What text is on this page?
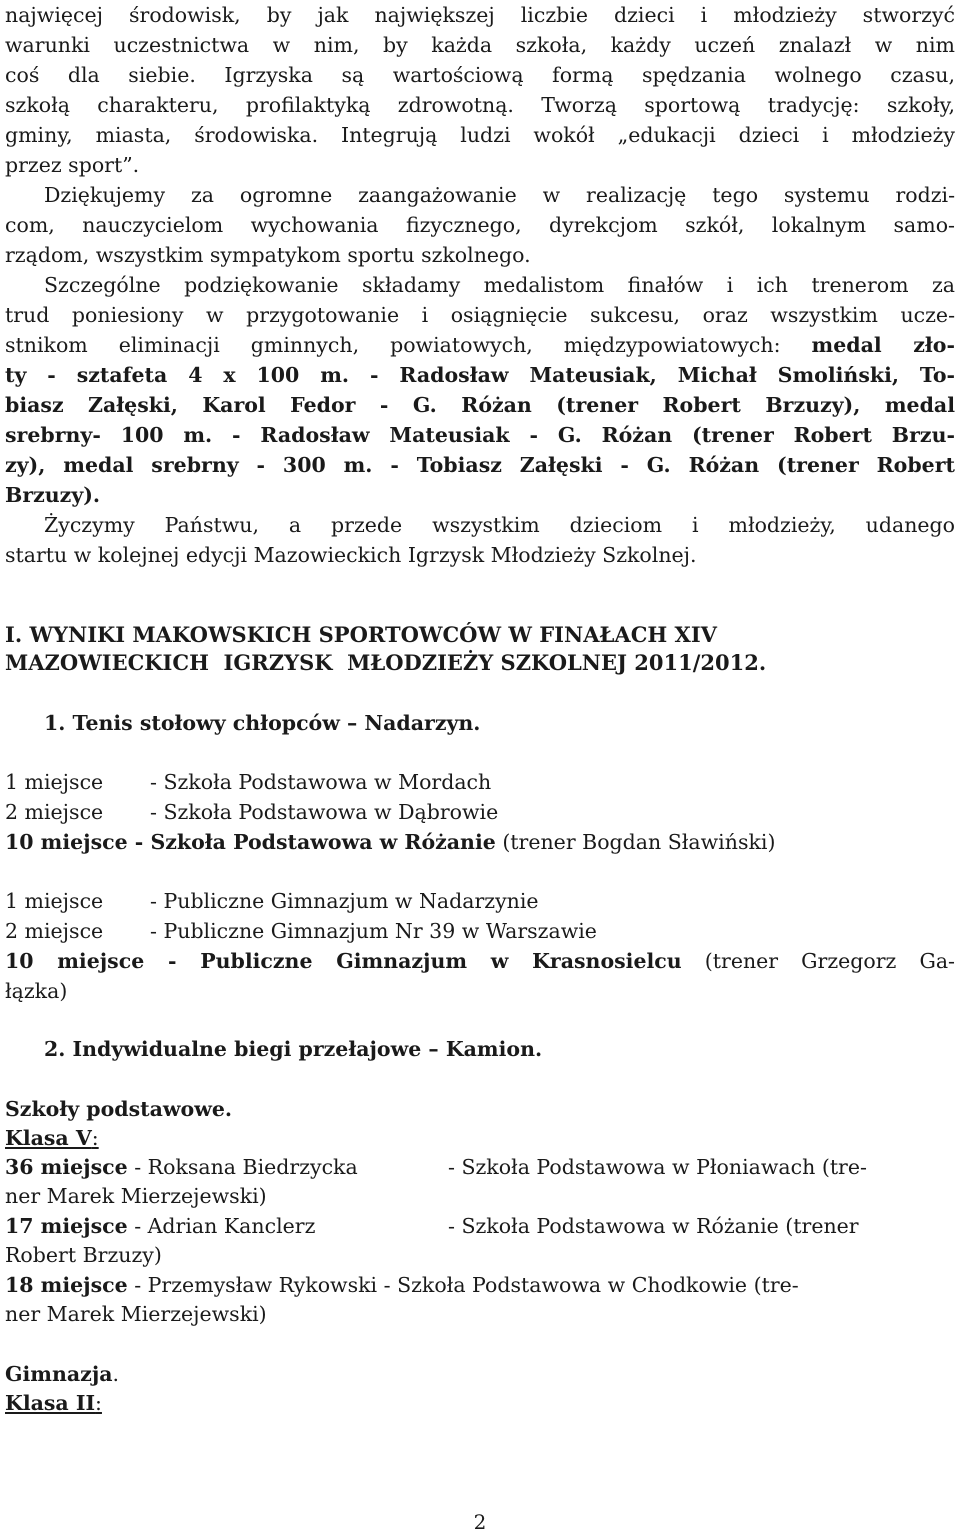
najwięcej środowisk, by jak największej liczbie dzieci i młodzieży stworzyć
warunki uczestnictwa w nim, by każda szkoła, każdy uczeń znalazł w nim
coś dla siebie. Igrzyska są wartościową formą spędzania wolnego czasu,
szkołą charakteru, profilaktyką zdrowotną. Tworzą sportową tradycję: szkoły,
gminy, miasta, środowiska. Integrują ludzi wokół „edukacji dzieci i młodzieży
przez sport”.
Dziękujemy za ogromne zaangażowanie w realizację tego systemu rodzi-
com, nauczycielom wychowania fizycznego, dyrekcjom szkół, lokalnym samo-
rządom, wszystkim sympatykom sportu szkolnego.
Szczególne podziękowanie składamy medalistom finałów i ich trenerom za
trud poniesiony w przygotowanie i osiągnięcie sukcesu, oraz wszystkim ucze-
stnikom eliminacji gminnych, powiatowych, międzypowiatowych: medal zło-
ty - sztafeta 4 x 100 m. - Radosław Mateusiak, Michał Smoliński, To-
biasz Załęski, Karol Fedor - G. Różan (trener Robert Brzuzy), medal
srebrny- 100 m. - Radosław Mateusiak - G. Różan (trener Robert Brzu-
zy), medal srebrny - 300 m. - Tobiasz Załęski - G. Różan (trener Robert
Brzuzy).
Życzymy Państwu, a przede wszystkim dzieciom i młodzieży, udanego
startu w kolejnej edycji Mazowieckich Igrzysk Młodzieży Szkolnej.
I. WYNIKI MAKOWSKICH SPORTOWCÓW W FINAŁACH XIV
MAZOWIECKICH  IGRZYSK  MŁODZIEŻY SZKOLNEJ 2011/2012.
1. Tenis stołowy chłopców – Nadarzyn.
1 miejsce - Szkoła Podstawowa w Mordach
2 miejsce - Szkoła Podstawowa w Dąbrowie
10 miejsce - Szkoła Podstawowa w Różanie (trener Bogdan Sławiński)
1 miejsce - Publiczne Gimnazjum w Nadarzynie
2 miejsce - Publiczne Gimnazjum Nr 39 w Warszawie
10 miejsce - Publiczne Gimnazjum w Krasnosielcu (trener Grzegorz Ga-
łązka)
2. Indywidualne biegi przełajowe – Kamion.
Szkoły podstawowe.
Klasa V:
36 miejsce - Roksana Biedrzycka	- Szkoła Podstawowa w Płoniawach (tre-
ner Marek Mierzejewski)
17 miejsce - Adrian Kanclerz	- Szkoła Podstawowa w Różanie (trener
Robert Brzuzy)
18 miejsce - Przemysław Rykowski - Szkoła Podstawowa w Chodkowie (tre-
ner Marek Mierzejewski)
Gimnazja.
Klasa II:
2
